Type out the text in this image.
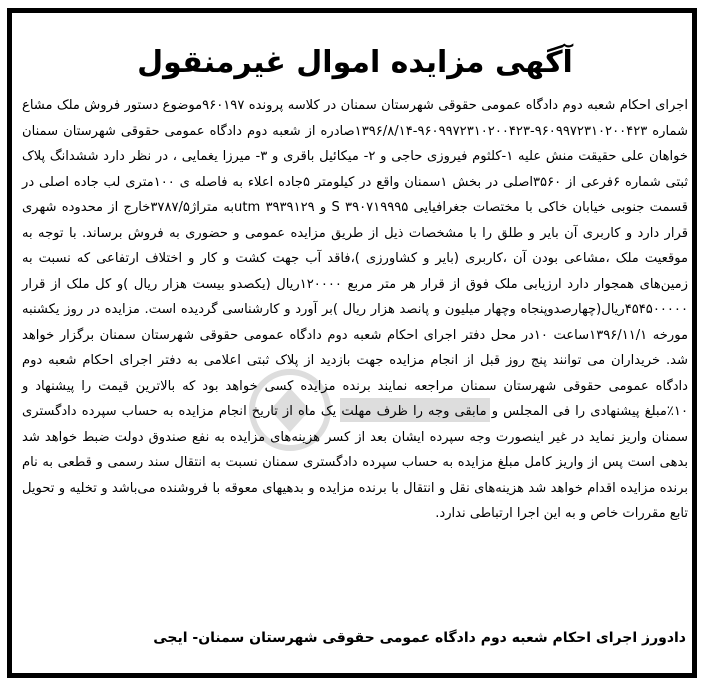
آگهی مزایده اموال غیرمنقول

اجرای احکام شعبه دوم دادگاه عمومی حقوقی شهرستان سمنان در کلاسه پرونده ۹۶۰۱۹۷موضوع دستور فروش ملک مشاع شماره ۹۶۰۹۹۷۲۳۱۰۲۰۰۴۲۳-۹۶۰۹۹۷۲۳۱۰۲۰۰۴۲۳-۱۳۹۶/۸/۱۴صادره از شعبه دوم دادگاه عمومی حقوقی شهرستان سمنان خواهان علی حقیقت منش علیه ۱-کلثوم فیروزی حاجی و ۲- میکائیل باقری و ۳- میرزا یغمایی ، در نظر دارد ششدانگ پلاک ثبتی شماره ۶فرعی از ۳۵۶۰اصلی در بخش ۱سمنان واقع در کیلومتر ۵جاده اعلاء به فاصله ی ۱۰۰متری لب جاده اصلی در قسمت جنوبی خیابان خاکی با مختصات جغرافیایی S ۳۹۰۷۱۹۹۹۵ و utm ۳۹۳۹۱۲۹به متراژ۳۷۸۷/۵خارج از محدوده شهری قرار دارد و کاربری آن بایر و طلق را با مشخصات ذیل از طریق مزایده عمومی و حضوری به فروش برساند. با توجه به موقعیت ملک ،مشاعی بودن آن ،کاربری (بایر و کشاورزی )،فاقد آب جهت کشت و کار و اختلاف ارتفاعی که نسبت به زمین‌های همجوار دارد ارزیابی ملک فوق از قرار هر متر مربع ۱۲۰۰۰۰ریال (یکصدو بیست هزار ریال )و کل ملک از قرار ۴۵۴۵۰۰۰۰۰ریال(چهارصدوپنجاه وچهار میلیون و پانصد هزار ریال )بر آورد و کارشناسی گردیده است. مزایده در روز یکشنبه مورخه ۱۳۹۶/۱۱/۱ساعت ۱۰در محل دفتر اجرای احکام شعبه دوم دادگاه عمومی حقوقی شهرستان سمنان برگزار خواهد شد. خریداران می توانند پنج روز قبل از انجام مزایده جهت بازدید از پلاک ثبتی اعلامی به دفتر اجرای احکام شعبه دوم دادگاه عمومی حقوقی شهرستان سمنان مراجعه نمایند برنده مزایده کسی خواهد بود که بالاترین قیمت را پیشنهاد و ۱۰٪مبلغ پیشنهادی را فی المجلس و مابقی وجه را ظرف مهلت یک ماه از تاریخ انجام مزایده به حساب سپرده دادگستری سمنان واریز نماید در غیر اینصورت وجه سپرده ایشان بعد از کسر هزینه‌های مزایده به نفع صندوق دولت ضبط خواهد شد بدهی است پس از واریز کامل مبلغ مزایده به حساب سپرده دادگستری سمنان نسبت به انتقال سند رسمی و قطعی به نام برنده مزایده اقدام خواهد شد هزینه‌های نقل و انتقال با برنده مزایده و بدهیهای معوقه با فروشنده می‌باشد و تخلیه و تحویل تابع مقررات خاص و به این اجرا ارتباطی ندارد.

دادورز اجرای احکام شعبه دوم دادگاه عمومی حقوقی شهرستان سمنان- ایجی
